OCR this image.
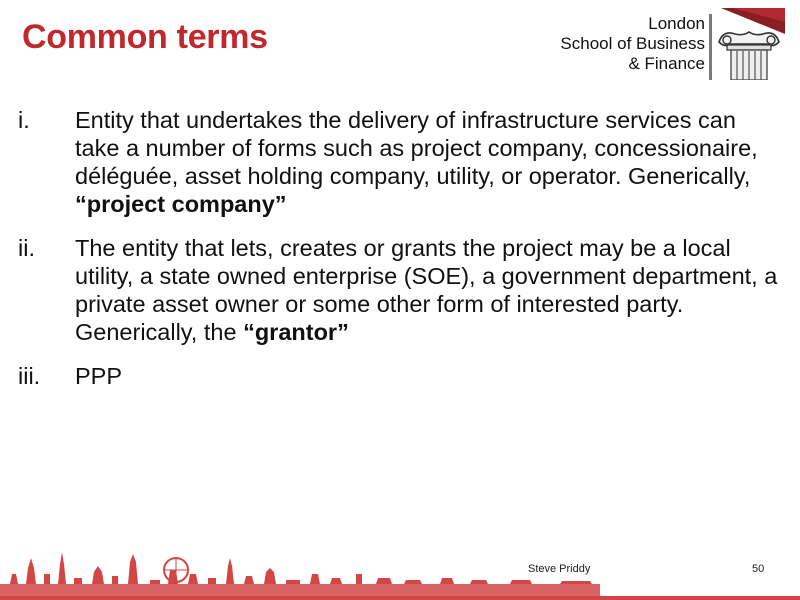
Common terms	London
School of Business
& Finance
i.	Entity that undertakes the delivery of infrastructure services can take a number of forms such as project company, concessionaire, déléguée, asset holding company, utility, or operator. Generically, “project company”
ii.	The entity that lets, creates or grants the project may be a local utility, a state owned enterprise (SOE), a government department, a private asset owner or some other form of interested party. Generically, the “grantor”
iii.	PPP
Steve Priddy	50
